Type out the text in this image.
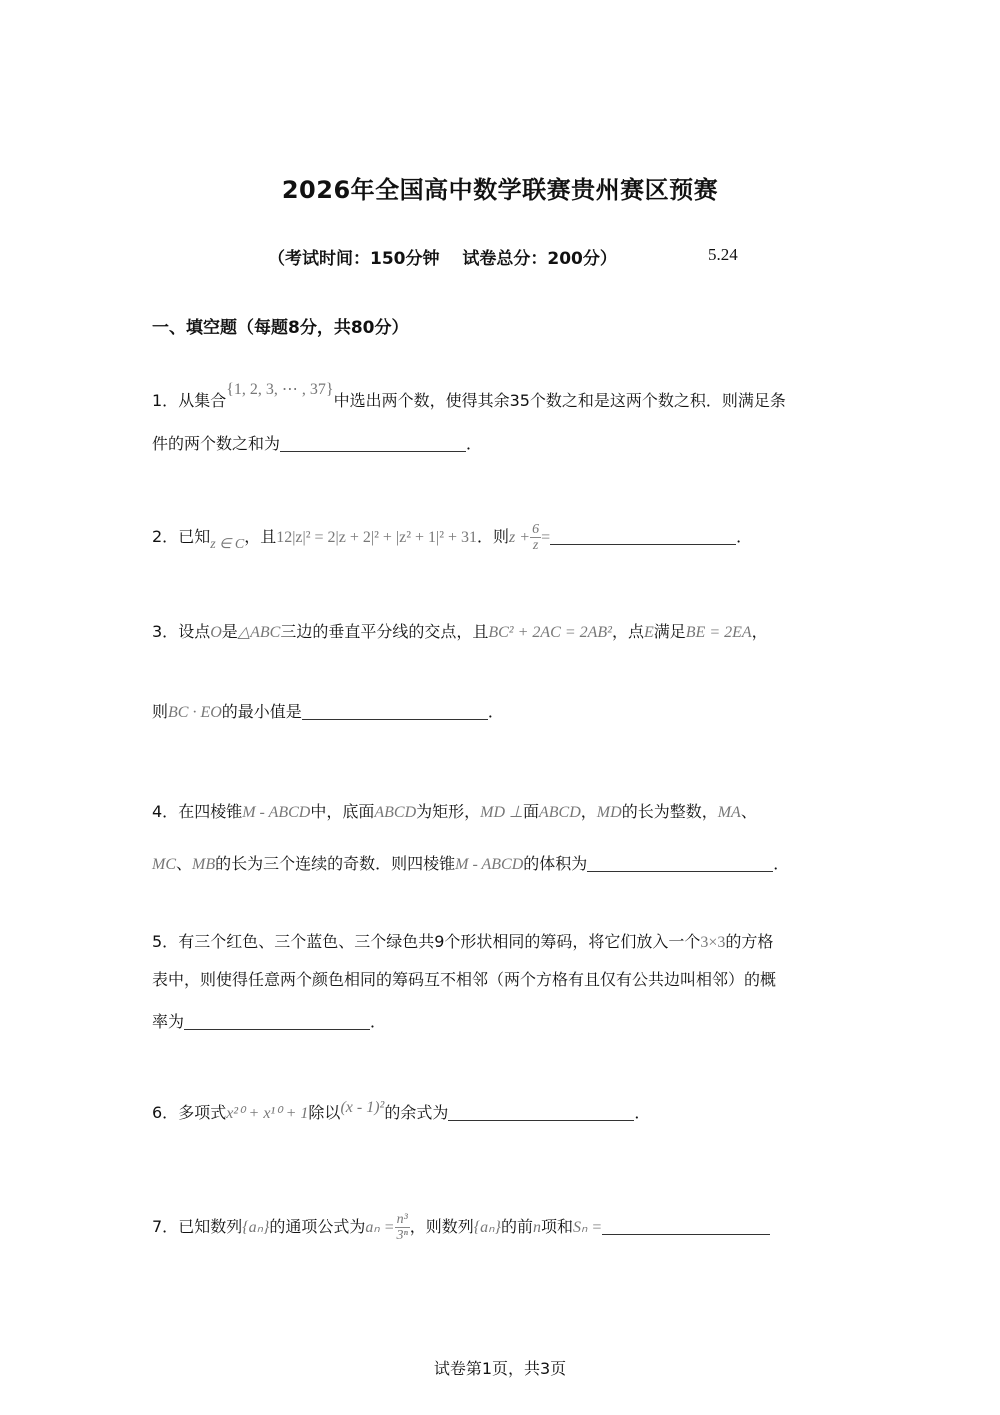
2026年全国高中数学联赛贵州赛区预赛
（考试时间：150分钟　 试卷总分：200分）	5.24
一、填空题（每题8分，共80分）
1．从集合{1, 2, 3, ⋯ , 37}中选出两个数，使得其余35个数之和是这两个数之积．则满足条
件的两个数之和为	．
2．已知z ∈ C，且12|z|² = 2|z + 2|² + |z² + 1|² + 31．则$z + \frac{6}{z}$ =	．
3．设点O是△ABC三边的垂直平分线的交点，且BC² + 2AC = 2AB²，点E满足BE = 2EA，
则BC · EO的最小值是	．
4．在四棱锥M - ABCD中，底面ABCD为矩形，MD ⊥面ABCD，MD的长为整数，MA、
MC、MB的长为三个连续的奇数．则四棱锥M - ABCD的体积为	．
5．有三个红色、三个蓝色、三个绿色共9个形状相同的筹码，将它们放入一个3×3的方格
表中，则使得任意两个颜色相同的筹码互不相邻（两个方格有且仅有公共边叫相邻）的概
率为	．
6．多项式x²⁰ + x¹⁰ + 1除以(x - 1)²的余式为	．
7．已知数列{aₙ}的通项公式为$a_n = \frac{\text{n³}}{\text{3ⁿ}}$ ，则数列{aₙ}的前n项和Sₙ =
试卷第1页，共3页
